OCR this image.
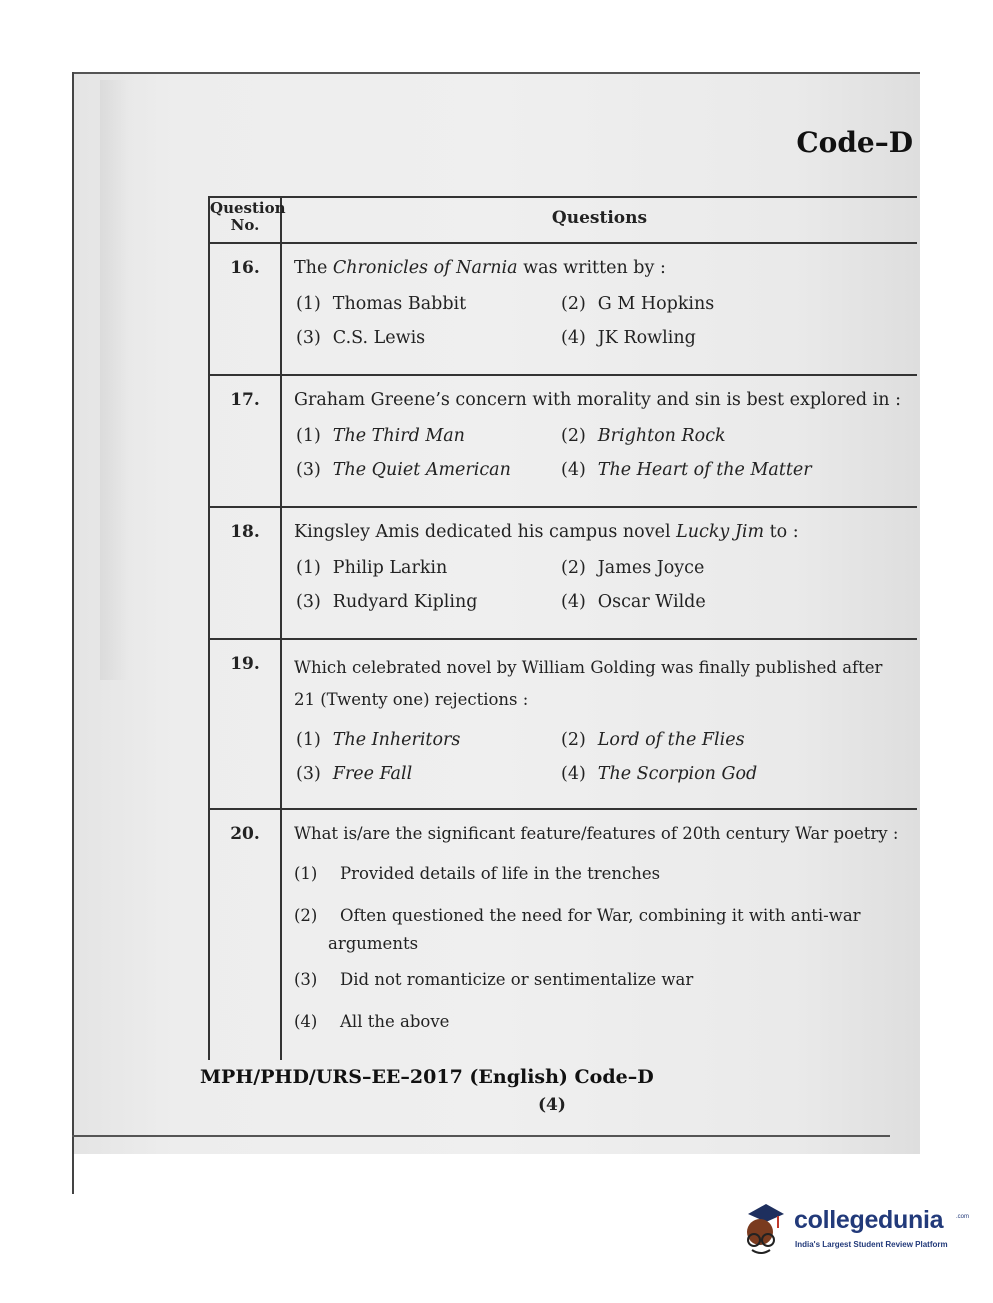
Code–D
Question No.	Questions
16.	The Chronicles of Narnia was written by :
(1) Thomas Babbit	(2) G M Hopkins
(3) C.S. Lewis	(4) JK Rowling
17.	Graham Greene’s concern with morality and sin is best explored in :
(1) The Third Man	(2) Brighton Rock
(3) The Quiet American	(4) The Heart of the Matter
18.	Kingsley Amis dedicated his campus novel Lucky Jim to :
(1) Philip Larkin	(2) James Joyce
(3) Rudyard Kipling	(4) Oscar Wilde
19.	Which celebrated novel by William Golding was finally published after 21 (Twenty one) rejections :
(1) The Inheritors	(2) Lord of the Flies
(3) Free Fall	(4) The Scorpion God
20.	What is/are the significant feature/features of 20th century War poetry :
(1) Provided details of life in the trenches
(2) Often questioned the need for War, combining it with anti-war
arguments
(3) Did not romanticize or sentimentalize war
(4) All the above
MPH/PHD/URS–EE–2017 (English) Code–D
(4)
collegedunia .com
India's Largest Student Review Platform
